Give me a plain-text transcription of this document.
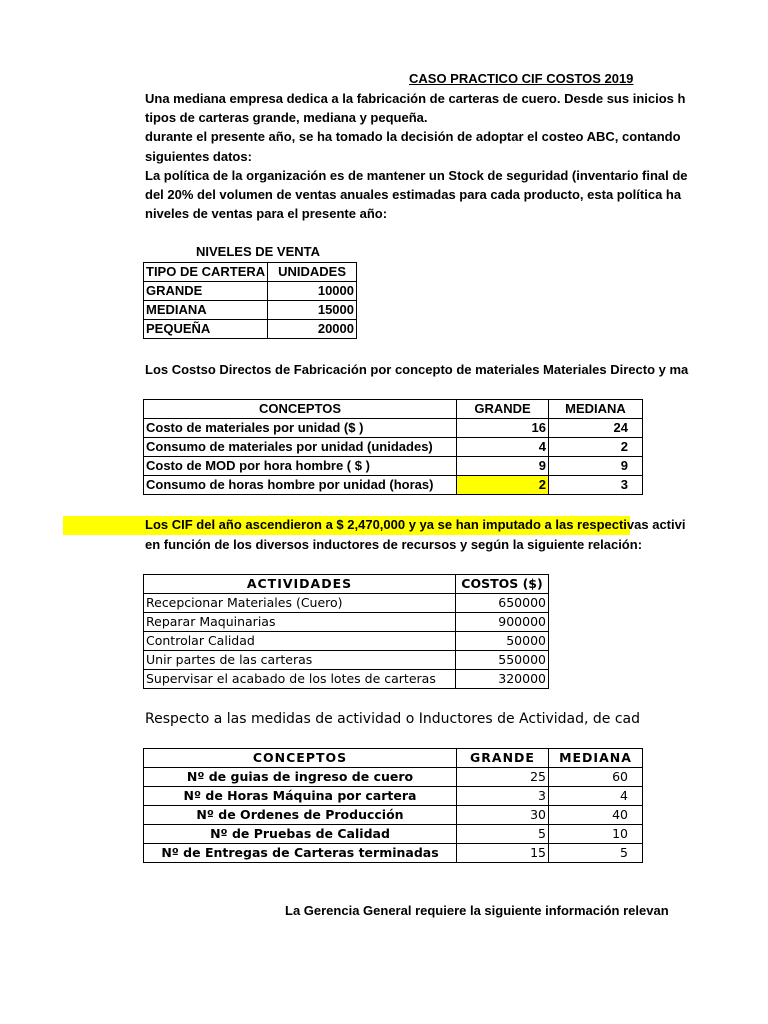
CASO PRACTICO CIF COSTOS 2019
Una mediana empresa dedica a la fabricación de carteras de cuero. Desde sus inicios h
tipos de carteras grande, mediana y pequeña.
durante el presente año, se ha tomado la decisión de adoptar el costeo ABC, contando
siguientes datos:
La política de la organización es de mantener un Stock de seguridad (inventario final de
del 20% del volumen de ventas anuales estimadas para cada producto, esta política ha
niveles de ventas para el presente año:
NIVELES DE VENTA
TIPO DE CARTERA	UNIDADES
GRANDE	10000
MEDIANA	15000
PEQUEÑA	20000
Los Costso Directos de Fabricación por concepto de materiales Materiales Directo y ma
CONCEPTOS	GRANDE	MEDIANA
Costo de materiales por unidad ($ )	16	24
Consumo de materiales por unidad (unidades)	4	2
Costo de MOD por hora hombre ( $ )	9	9
Consumo de horas hombre por unidad (horas)	2	3
Los CIF del año ascendieron a $ 2,470,000 y ya se han imputado a las respectivas activi
en función de los diversos inductores de recursos y según la siguiente relación:
ACTIVIDADES	COSTOS ($)
Recepcionar Materiales (Cuero)	650000
Reparar Maquinarias	900000
Controlar Calidad	50000
Unir partes de las carteras	550000
Supervisar el acabado de los lotes de carteras	320000
Respecto a las medidas de actividad o Inductores de Actividad, de cad
CONCEPTOS	GRANDE	MEDIANA
Nº de guias de ingreso de cuero	25	60
Nº de Horas Máquina por cartera	3	4
Nº de Ordenes de Producción	30	40
Nº de Pruebas de Calidad	5	10
Nº de Entregas de Carteras terminadas	15	5
La Gerencia General requiere la siguiente información relevan
